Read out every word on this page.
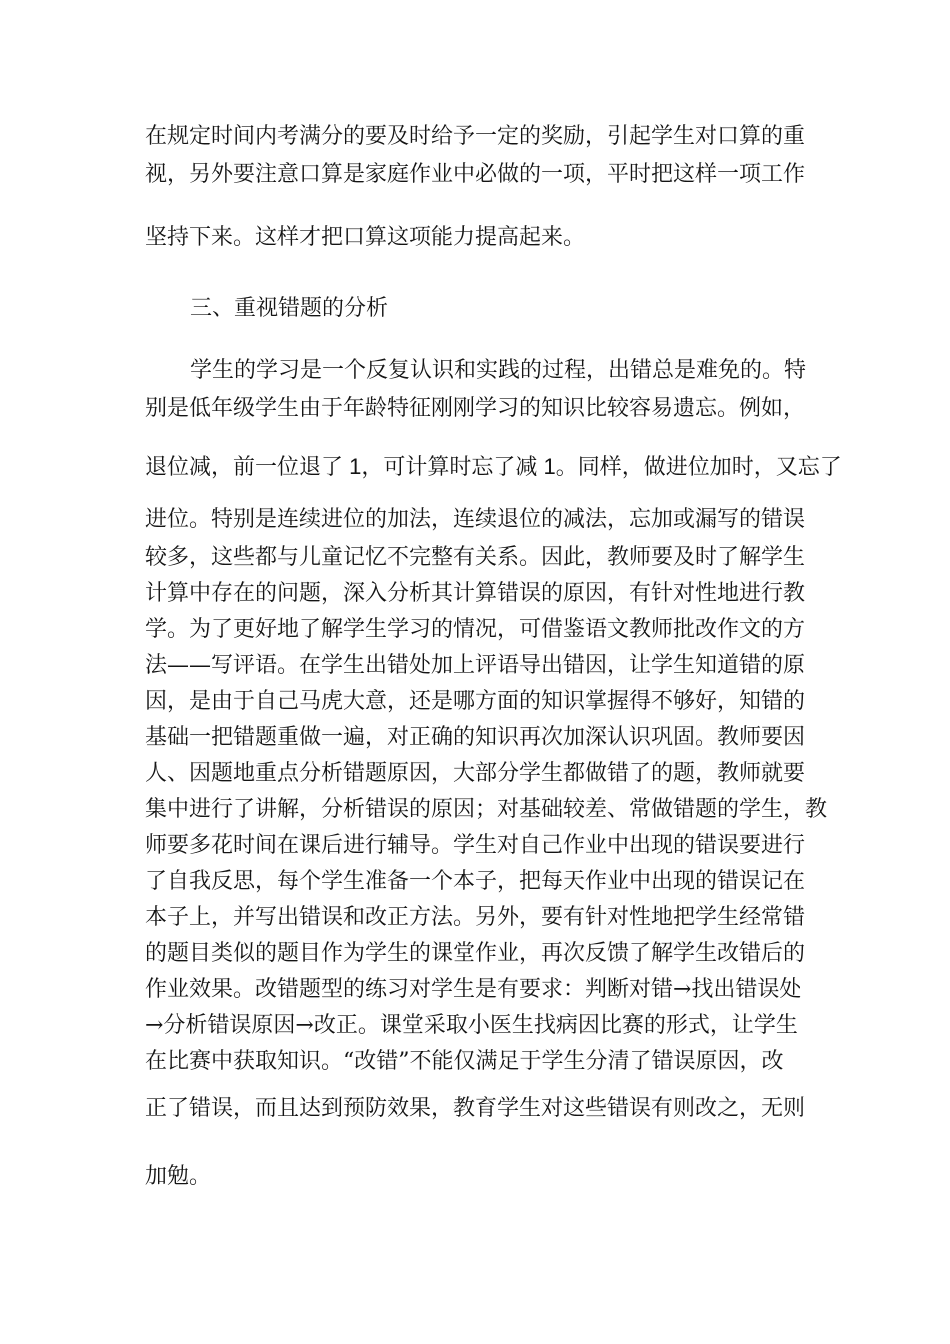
在规定时间内考满分的要及时给予一定的奖励，引起学生对口算的重
视，另外要注意口算是家庭作业中必做的一项，平时把这样一项工作
坚持下来。这样才把口算这项能力提高起来。
三、重视错题的分析
学生的学习是一个反复认识和实践的过程，出错总是难免的。特
别是低年级学生由于年龄特征刚刚学习的知识比较容易遗忘。例如，
退位减，前一位退了 1，可计算时忘了减 1。同样，做进位加时，又忘了
进位。特别是连续进位的加法，连续退位的减法，忘加或漏写的错误
较多，这些都与儿童记忆不完整有关系。因此，教师要及时了解学生
计算中存在的问题，深入分析其计算错误的原因，有针对性地进行教
学。为了更好地了解学生学习的情况，可借鉴语文教师批改作文的方
法——写评语。在学生出错处加上评语导出错因，让学生知道错的原
因，是由于自己马虎大意，还是哪方面的知识掌握得不够好，知错的
基础一把错题重做一遍，对正确的知识再次加深认识巩固。教师要因
人、因题地重点分析错题原因，大部分学生都做错了的题，教师就要
集中进行了讲解，分析错误的原因；对基础较差、常做错题的学生，教
师要多花时间在课后进行辅导。学生对自己作业中出现的错误要进行
了自我反思，每个学生准备一个本子，把每天作业中出现的错误记在
本子上，并写出错误和改正方法。另外，要有针对性地把学生经常错
的题目类似的题目作为学生的课堂作业，再次反馈了解学生改错后的
作业效果。改错题型的练习对学生是有要求：判断对错→找出错误处
→分析错误原因→改正。课堂采取小医生找病因比赛的形式，让学生
在比赛中获取知识。“改错”不能仅满足于学生分清了错误原因，改
正了错误，而且达到预防效果，教育学生对这些错误有则改之，无则
加勉。
